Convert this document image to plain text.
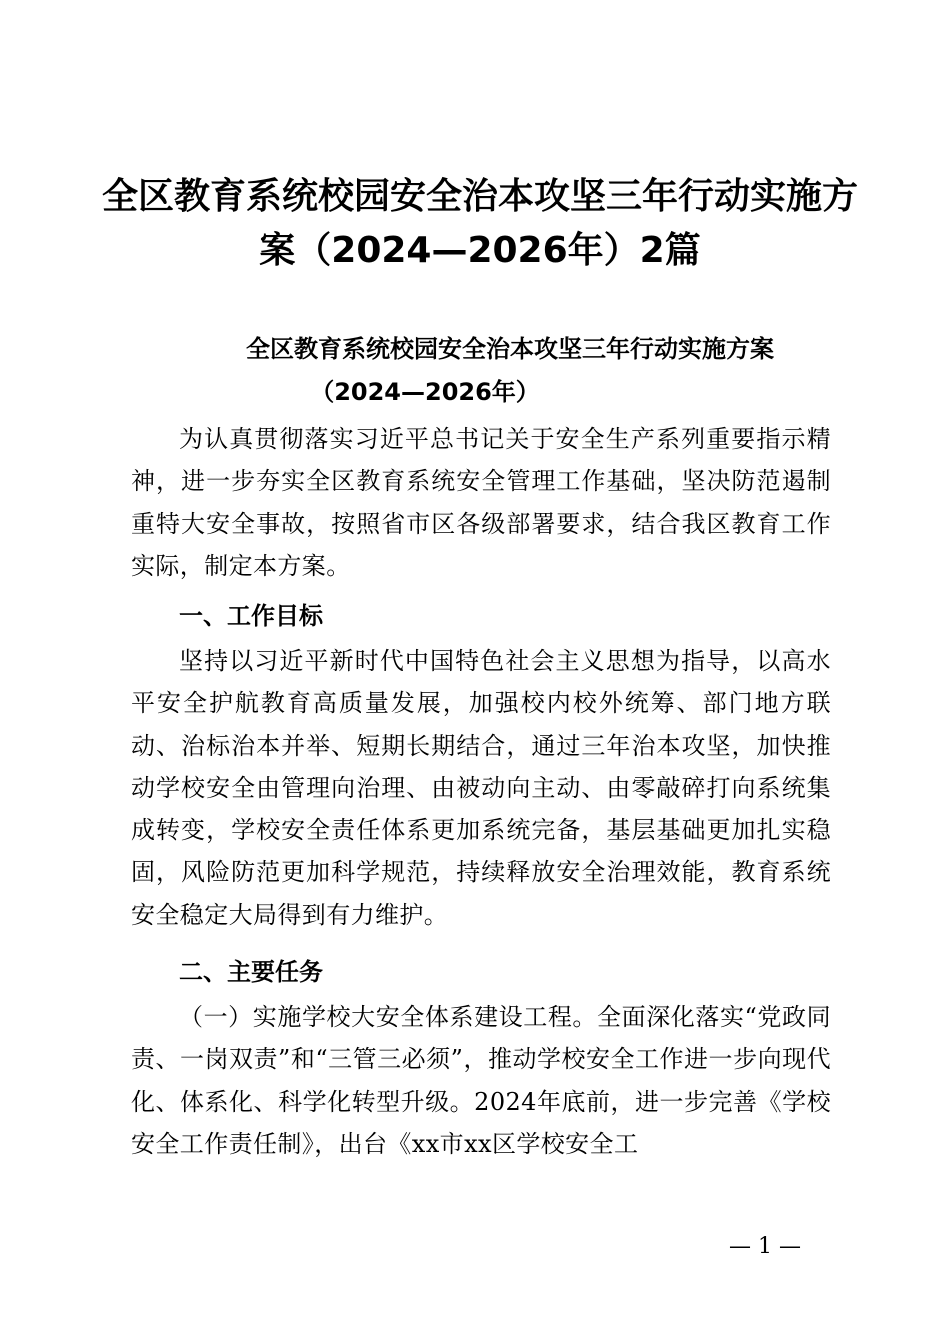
全区教育系统校园安全治本攻坚三年行动实施方案（2024—2026年）2篇
全区教育系统校园安全治本攻坚三年行动实施方案
（2024—2026年）

为认真贯彻落实习近平总书记关于安全生产系列重要指示精神，进一步夯实全区教育系统安全管理工作基础，坚决防范遏制重特大安全事故，按照省市区各级部署要求，结合我区教育工作实际，制定本方案。

一、工作目标

坚持以习近平新时代中国特色社会主义思想为指导，以高水平安全护航教育高质量发展，加强校内校外统筹、部门地方联动、治标治本并举、短期长期结合，通过三年治本攻坚，加快推动学校安全由管理向治理、由被动向主动、由零敲碎打向系统集成转变，学校安全责任体系更加系统完备，基层基础更加扎实稳固，风险防范更加科学规范，持续释放安全治理效能，教育系统安全稳定大局得到有力维护。

二、主要任务

（一）实施学校大安全体系建设工程。全面深化落实“党政同责、一岗双责”和“三管三必须”，推动学校安全工作进一步向现代化、体系化、科学化转型升级。2024年底前，进一步完善《学校安全工作责任制》，出台《xx市xx区学校安全工

— 1 —
